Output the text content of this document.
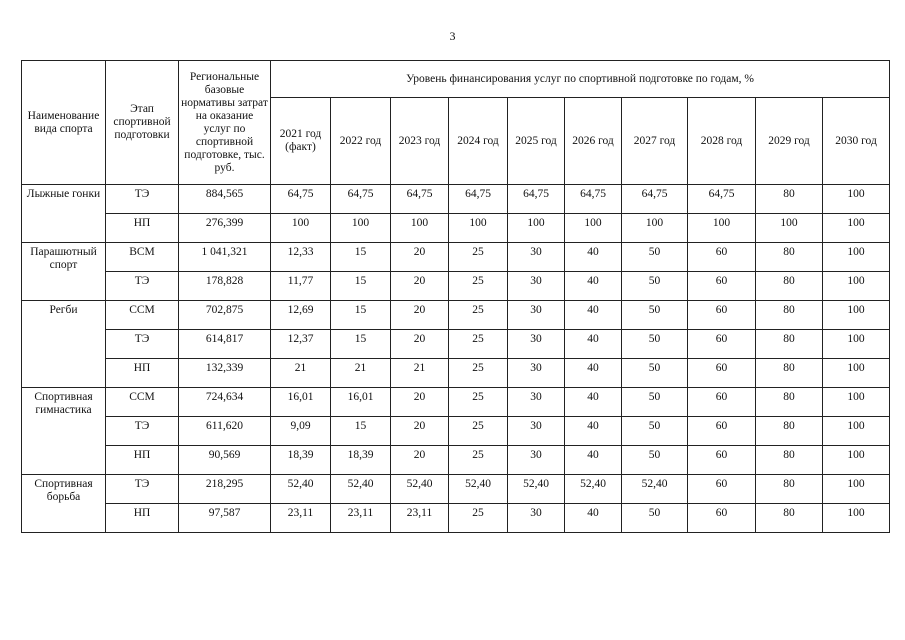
3
Наименование вида спорта	Этап спортивной подготовки	Региональные базовые нормативы затрат на оказание услуг по спортивной подготовке, тыс. руб.	Уровень финансирования услуг по спортивной подготовке по годам, %									
			2021 год (факт)	2022 год	2023 год	2024 год	2025 год	2026 год	2027 год	2028 год	2029 год	2030 год
Лыжные гонки	ТЭ	884,565	64,75	64,75	64,75	64,75	64,75	64,75	64,75	64,75	80	100
	НП	276,399	100	100	100	100	100	100	100	100	100	100
Парашютный спорт	ВСМ	1 041,321	12,33	15	20	25	30	40	50	60	80	100
	ТЭ	178,828	11,77	15	20	25	30	40	50	60	80	100
Регби	ССМ	702,875	12,69	15	20	25	30	40	50	60	80	100
	ТЭ	614,817	12,37	15	20	25	30	40	50	60	80	100
	НП	132,339	21	21	21	25	30	40	50	60	80	100
Спортивная гимнастика	ССМ	724,634	16,01	16,01	20	25	30	40	50	60	80	100
	ТЭ	611,620	9,09	15	20	25	30	40	50	60	80	100
	НП	90,569	18,39	18,39	20	25	30	40	50	60	80	100
Спортивная борьба	ТЭ	218,295	52,40	52,40	52,40	52,40	52,40	52,40	52,40	60	80	100
	НП	97,587	23,11	23,11	23,11	25	30	40	50	60	80	100
